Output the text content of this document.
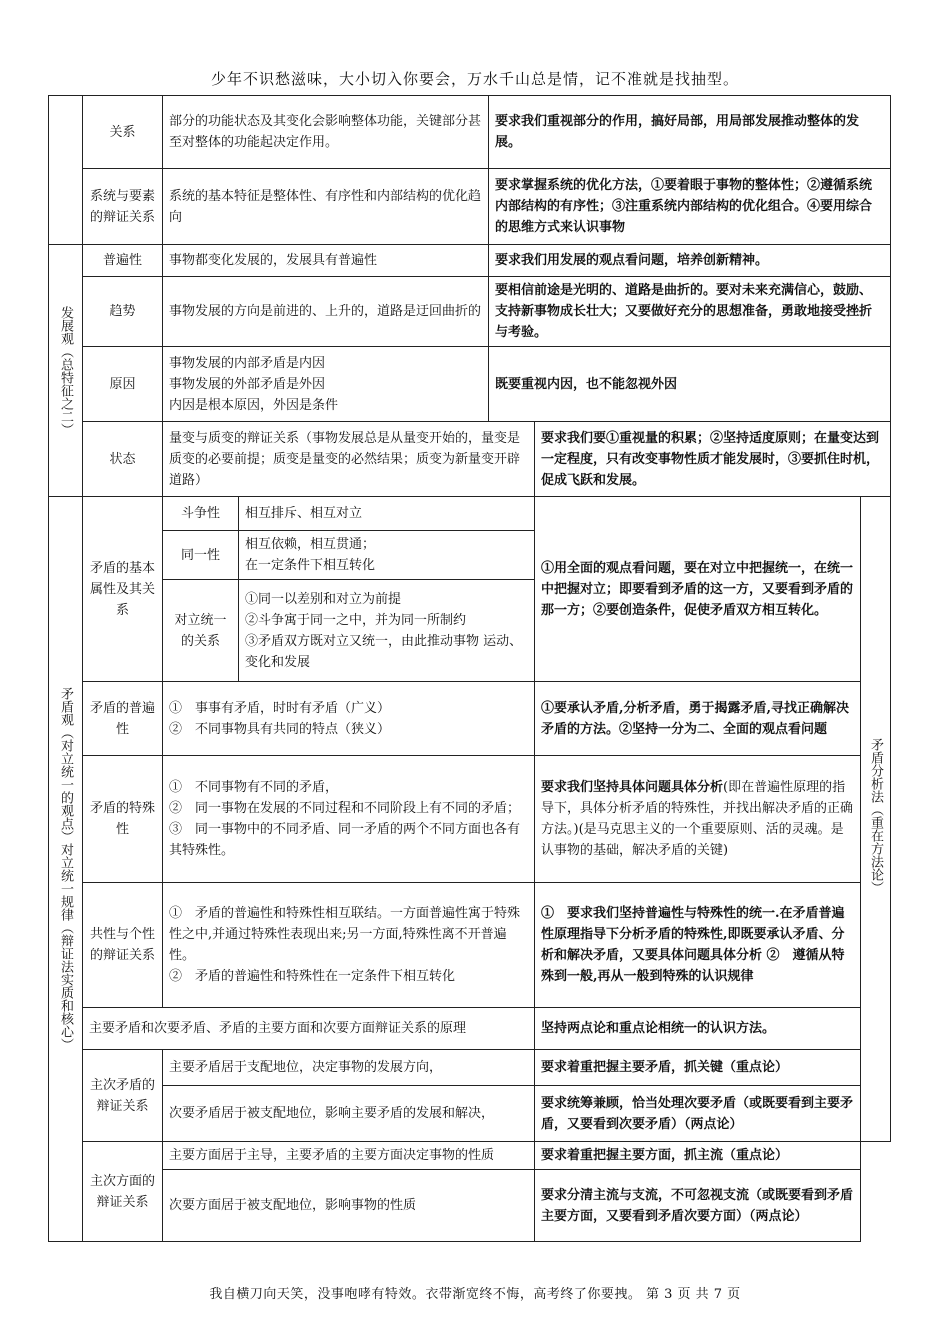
少年不识愁滋味，大小切入你要会，万水千山总是情，记不准就是找抽型。
	关系	部分的功能状态及其变化会影响整体功能，关键部分甚至对整体的功能起决定作用。		要求我们重视部分的作用，搞好局部，用局部发展推动整体的发展。		
	系统与要素的辩证关系	系统的基本特征是整体性、有序性和内部结构的优化趋向		要求掌握系统的优化方法，①要着眼于事物的整体性；②遵循系统内部结构的有序性；③注重系统内部结构的优化组合。④要用综合的思维方式来认识事物		
发展观（总特征之二）	普遍性	事物都变化发展的，发展具有普遍性		要求我们用发展的观点看问题，培养创新精神。		
	趋势	事物发展的方向是前进的、上升的，道路是迂回曲折的		要相信前途是光明的、道路是曲折的。要对未来充满信心，鼓励、支持新事物成长壮大；又要做好充分的思想准备，勇敢地接受挫折与考验。		
	原因	事物发展的内部矛盾是内因
事物发展的外部矛盾是外因
内因是根本原因，外因是条件		既要重视内因，也不能忽视外因		
	状态	量变与质变的辩证关系（事物发展总是从量变开始的，量变是质变的必要前提；质变是量变的必然结果；质变为新量变开辟道路）			要求我们要①重视量的积累；②坚持适度原则；在量变达到一定程度，只有改变事物性质才能发展时，③要抓住时机，促成飞跃和发展。	
矛盾观（对立统一的观点）对立统一规律（辩证法实质和核心）	矛盾的基本属性及其关系	斗争性	相互排斥、相互对立		①用全面的观点看问题，要在对立中把握统一，在统一中把握对立；即要看到矛盾的这一方，又要看到矛盾的那一方；②要创造条件，促使矛盾双方相互转化。	矛盾分析法（重在方法论）
		同一性	相互依赖，相互贯通；
在一定条件下相互转化			

		对立统一的关系	①同一以差别和对立为前提
②斗争寓于同一之中，并为同一所制约
③矛盾双方既对立又统一，由此推动事物 运动、变化和发展			

	矛盾的普遍性	①　事事有矛盾，时时有矛盾（广义）
②　不同事物具有共同的特点（狭义）			①要承认矛盾,分析矛盾，勇于揭露矛盾,寻找正确解决矛盾的方法。②坚持一分为二、全面的观点看问题	
	矛盾的特殊性	①　不同事物有不同的矛盾，
②　同一事物在发展的不同过程和不同阶段上有不同的矛盾；
③　同一事物中的不同矛盾、同一矛盾的两个不同方面也各有其特殊性。			要求我们坚持具体问题具体分析(即在普遍性原理的指导下，具体分析矛盾的特殊性，并找出解决矛盾的正确方法。)(是马克思主义的一个重要原则、活的灵魂。是认事物的基础，解决矛盾的关键)	
	共性与个性的辩证关系	①　矛盾的普遍性和特殊性相互联结。一方面普遍性寓于特殊性之中,并通过特殊性表现出来;另一方面,特殊性离不开普遍性。
②　矛盾的普遍性和特殊性在一定条件下相互转化			①　要求我们坚持普遍性与特殊性的统一.在矛盾普遍性原理指导下分析矛盾的特殊性,即既要承认矛盾、分析和解决矛盾，又要具体问题具体分析 ②　遵循从特殊到一般,再从一般到特殊的认识规律	
	主要矛盾和次要矛盾、矛盾的主要方面和次要方面辩证关系的原理				坚持两点论和重点论相统一的认识方法。	
	主次矛盾的辩证关系	主要矛盾居于支配地位，决定事物的发展方向，			要求着重把握主要矛盾，抓关键（重点论）	
		次要矛盾居于被支配地位，影响主要矛盾的发展和解决，			要求统筹兼顾，恰当处理次要矛盾（或既要看到主要矛盾，又要看到次要矛盾）（两点论）	
	主次方面的辩证关系	主要方面居于主导，主要矛盾的主要方面决定事物的性质			要求着重把握主要方面，抓主流（重点论）	
		次要方面居于被支配地位，影响事物的性质			要求分清主流与支流，不可忽视支流（或既要看到矛盾主要方面，又要看到矛盾次要方面）（两点论）	
我自横刀向天笑，没事咆哮有特效。衣带渐宽终不悔，高考终了你要拽。 第 3 页 共 7 页
